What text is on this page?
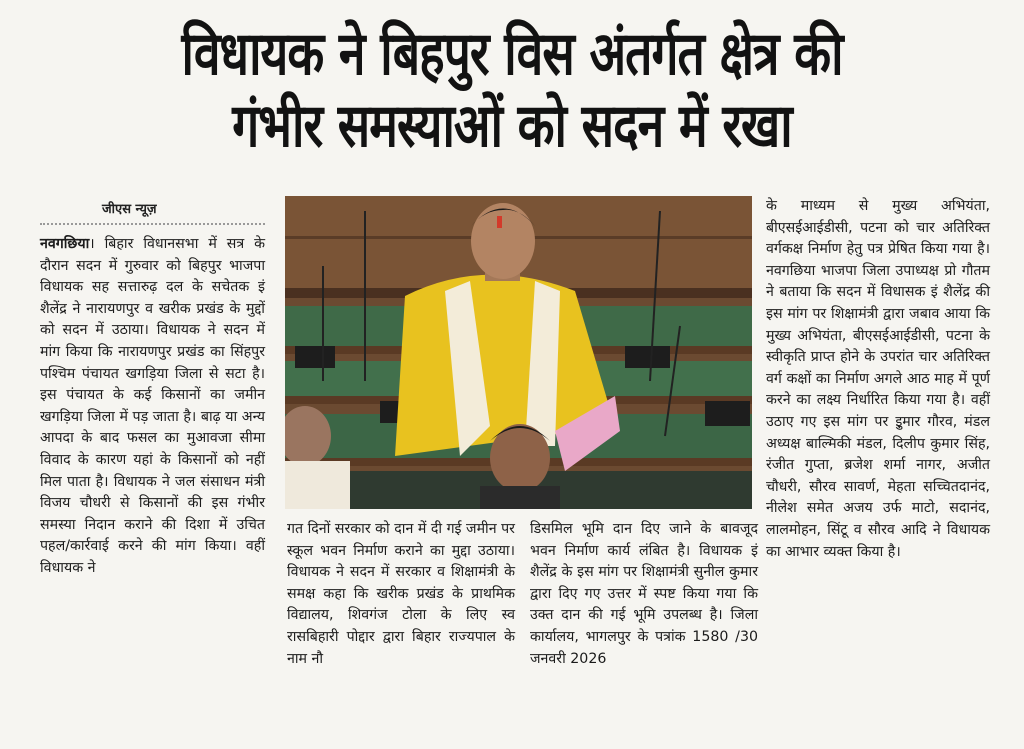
विधायक ने बिहपुर विस अंतर्गत क्षेत्र की
गंभीर समस्याओं को सदन में रखा
जीएस न्यूज़

नवगछिया। बिहार विधानसभा में सत्र के दौरान सदन में गुरुवार को बिहपुर भाजपा विधायक सह सत्तारुढ़ दल के सचेतक इं शैलेंद्र ने नारायणपुर व खरीक प्रखंड के मुद्दों को सदन में उठाया। विधायक ने सदन में मांग किया कि नारायणपुर प्रखंड का सिंहपुर पश्चिम पंचायत खगड़िया जिला से सटा है। इस पंचायत के कई किसानों का जमीन खगड़िया जिला में पड़ जाता है। बाढ़ या अन्य आपदा के बाद फसल का मुआवजा सीमा विवाद के कारण यहां के किसानों को नहीं मिल पाता है। विधायक ने जल संसाधन मंत्री विजय चौधरी से किसानों की इस गंभीर समस्या निदान कराने की दिशा में उचित पहल/कार्रवाई करने की मांग किया। वहीं विधायक ने

गत दिनों सरकार को दान में दी गई जमीन पर स्कूल भवन निर्माण कराने का मुद्दा उठाया। विधायक ने सदन में सरकार व शिक्षामंत्री के समक्ष कहा कि खरीक प्रखंड के प्राथमिक विद्यालय, शिवगंज टोला के लिए स्व रासबिहारी पोद्दार द्वारा बिहार राज्यपाल के नाम नौ
डिसमिल भूमि दान दिए जाने के बावजूद भवन निर्माण कार्य लंबित है। विधायक इं शैलेंद्र के इस मांग पर शिक्षामंत्री सुनील कुमार द्वारा दिए गए उत्तर में स्पष्ट किया गया कि उक्त दान की गई भूमि उपलब्ध है। जिला कार्यालय, भागलपुर के पत्रांक 1580 /30 जनवरी 2026
के माध्यम से मुख्य अभियंता, बीएसईआईडीसी, पटना को चार अतिरिक्त वर्गकक्ष निर्माण हेतु पत्र प्रेषित किया गया है।नवगछिया भाजपा जिला उपाध्यक्ष प्रो गौतम ने बताया कि सदन में विधासक इं शैलेंद्र की इस मांग पर शिक्षामंत्री द्वारा जबाव आया कि मुख्य अभियंता, बीएसईआईडीसी, पटना के स्वीकृति प्राप्त होने के उपरांत चार अतिरिक्त वर्ग कक्षों का निर्माण अगले आठ माह में पूर्ण करने का लक्ष्य निर्धारित किया गया है। वहीं उठाए गए इस मांग पर इुमार गौरव, मंडल अध्यक्ष बाल्मिकी मंडल, दिलीप कुमार सिंह, रंजीत गुप्ता, ब्रजेश शर्मा नागर, अजीत चौधरी, सौरव सावर्ण, मेहता सच्चितदानंद, नीलेश समेत अजय उर्फ माटो, सदानंद, लालमोहन, सिंटू व सौरव आदि ने विधायक का आभार व्यक्त किया है।
